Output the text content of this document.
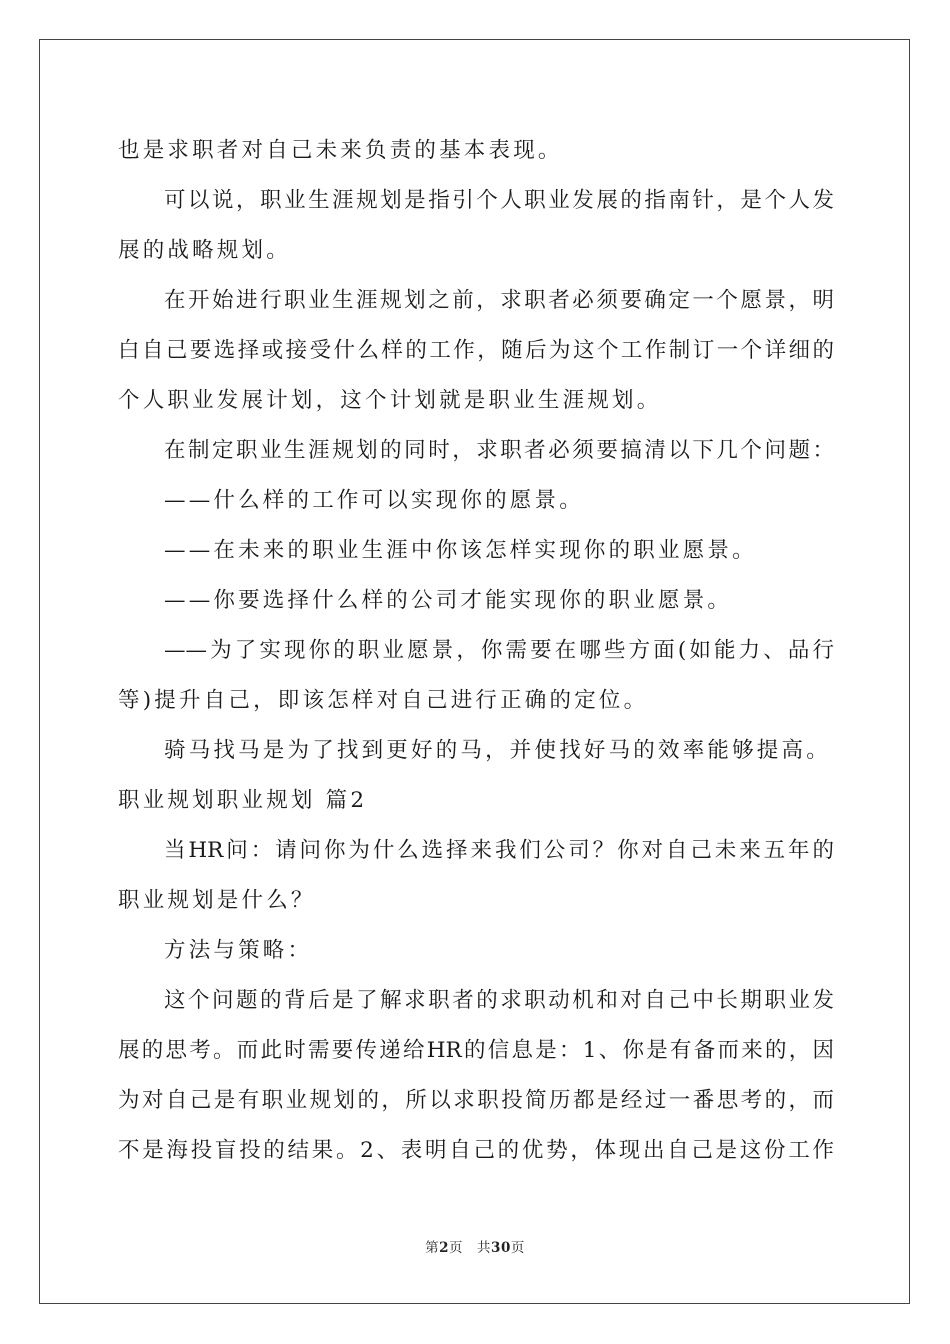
也是求职者对自己未来负责的基本表现。
可以说，职业生涯规划是指引个人职业发展的指南针，是个人发
展的战略规划。
在开始进行职业生涯规划之前，求职者必须要确定一个愿景，明
白自己要选择或接受什么样的工作，随后为这个工作制订一个详细的
个人职业发展计划，这个计划就是职业生涯规划。
在制定职业生涯规划的同时，求职者必须要搞清以下几个问题：
——什么样的工作可以实现你的愿景。
——在未来的职业生涯中你该怎样实现你的职业愿景。
——你要选择什么样的公司才能实现你的职业愿景。
——为了实现你的职业愿景，你需要在哪些方面(如能力、品行
等)提升自己，即该怎样对自己进行正确的定位。
骑马找马是为了找到更好的马，并使找好马的效率能够提高。
职业规划职业规划 篇2
当HR问：请问你为什么选择来我们公司？你对自己未来五年的
职业规划是什么？
方法与策略：
这个问题的背后是了解求职者的求职动机和对自己中长期职业发
展的思考。而此时需要传递给HR的信息是：1、你是有备而来的，因
为对自己是有职业规划的，所以求职投简历都是经过一番思考的，而
不是海投盲投的结果。2、表明自己的优势，体现出自己是这份工作
第2页　共30页
